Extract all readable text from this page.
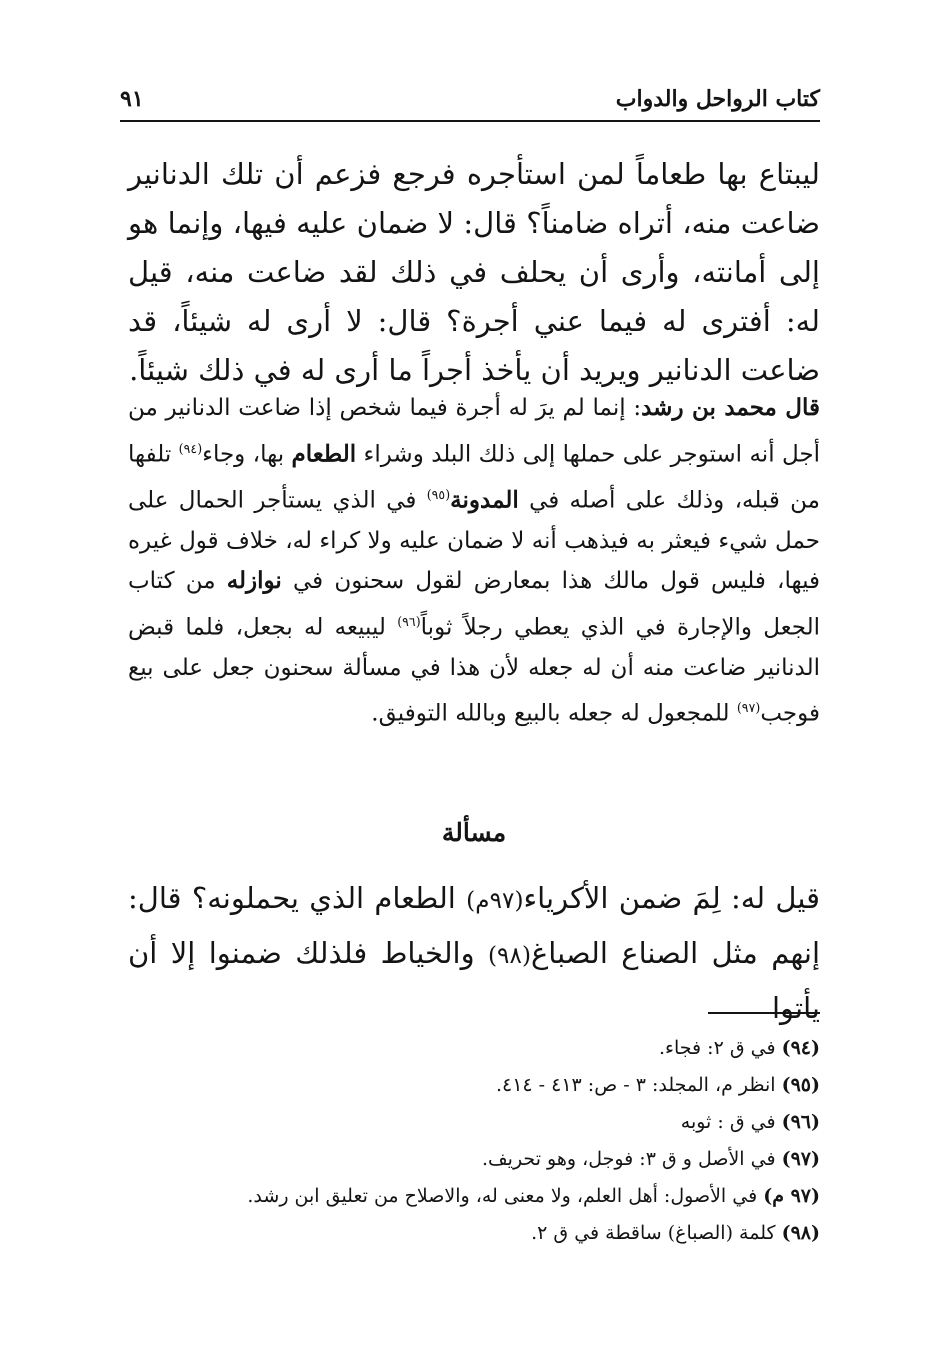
كتاب الرواحل والدواب
٩١

ليبتاع بها طعاماً لمن استأجره فرجع فزعم أن تلك الدنانير ضاعت منه، أتراه ضامناً؟ قال: لا ضمان عليه فيها، وإنما هو إلى أمانته، وأرى أن يحلف في ذلك لقد ضاعت منه، قيل له: أفترى له فيما عني أجرة؟ قال: لا أرى له شيئاً، قد ضاعت الدنانير ويريد أن يأخذ أجراً ما أرى له في ذلك شيئاً.

قال محمد بن رشد: إنما لم يرَ له أجرة فيما شخص إذا ضاعت الدنانير من أجل أنه استوجر على حملها إلى ذلك البلد وشراء الطعام بها، وجاء$^{(٩٤)}$ تلفها من قبله، وذلك على أصله في المدونة$^{(٩٥)}$ في الذي يستأجر الحمال على حمل شيء فيعثر به فيذهب أنه لا ضمان عليه ولا كراء له، خلاف قول غيره فيها، فليس قول مالك هذا بمعارض لقول سحنون في نوازله من كتاب الجعل والإجارة في الذي يعطي رجلاً ثوباً$^{(٩٦)}$ ليبيعه له بجعل، فلما قبض الدنانير ضاعت منه أن له جعله لأن هذا في مسألة سحنون جعل على بيع فوجب$^{(٩٧)}$ للمجعول له جعله بالبيع وبالله التوفيق.

مسألة

قيل له: لِمَ ضمن الأكرياء(٩٧م) الطعام الذي يحملونه؟ قال: إنهم مثل الصناع الصباغ(٩٨) والخياط فلذلك ضمنوا إلا أن يأتوا

(٩٤) في ق ٢: فجاء.
(٩٥) انظر م، المجلد: ٣ - ص: ٤١٣ - ٤١٤.
(٩٦) في ق : ثوبه
(٩٧) في الأصل و ق ٣: فوجل، وهو تحريف.
(٩٧ م) في الأصول: أهل العلم، ولا معنى له، والاصلاح من تعليق ابن رشد.
(٩٨) كلمة (الصباغ) ساقطة في ق ٢.
